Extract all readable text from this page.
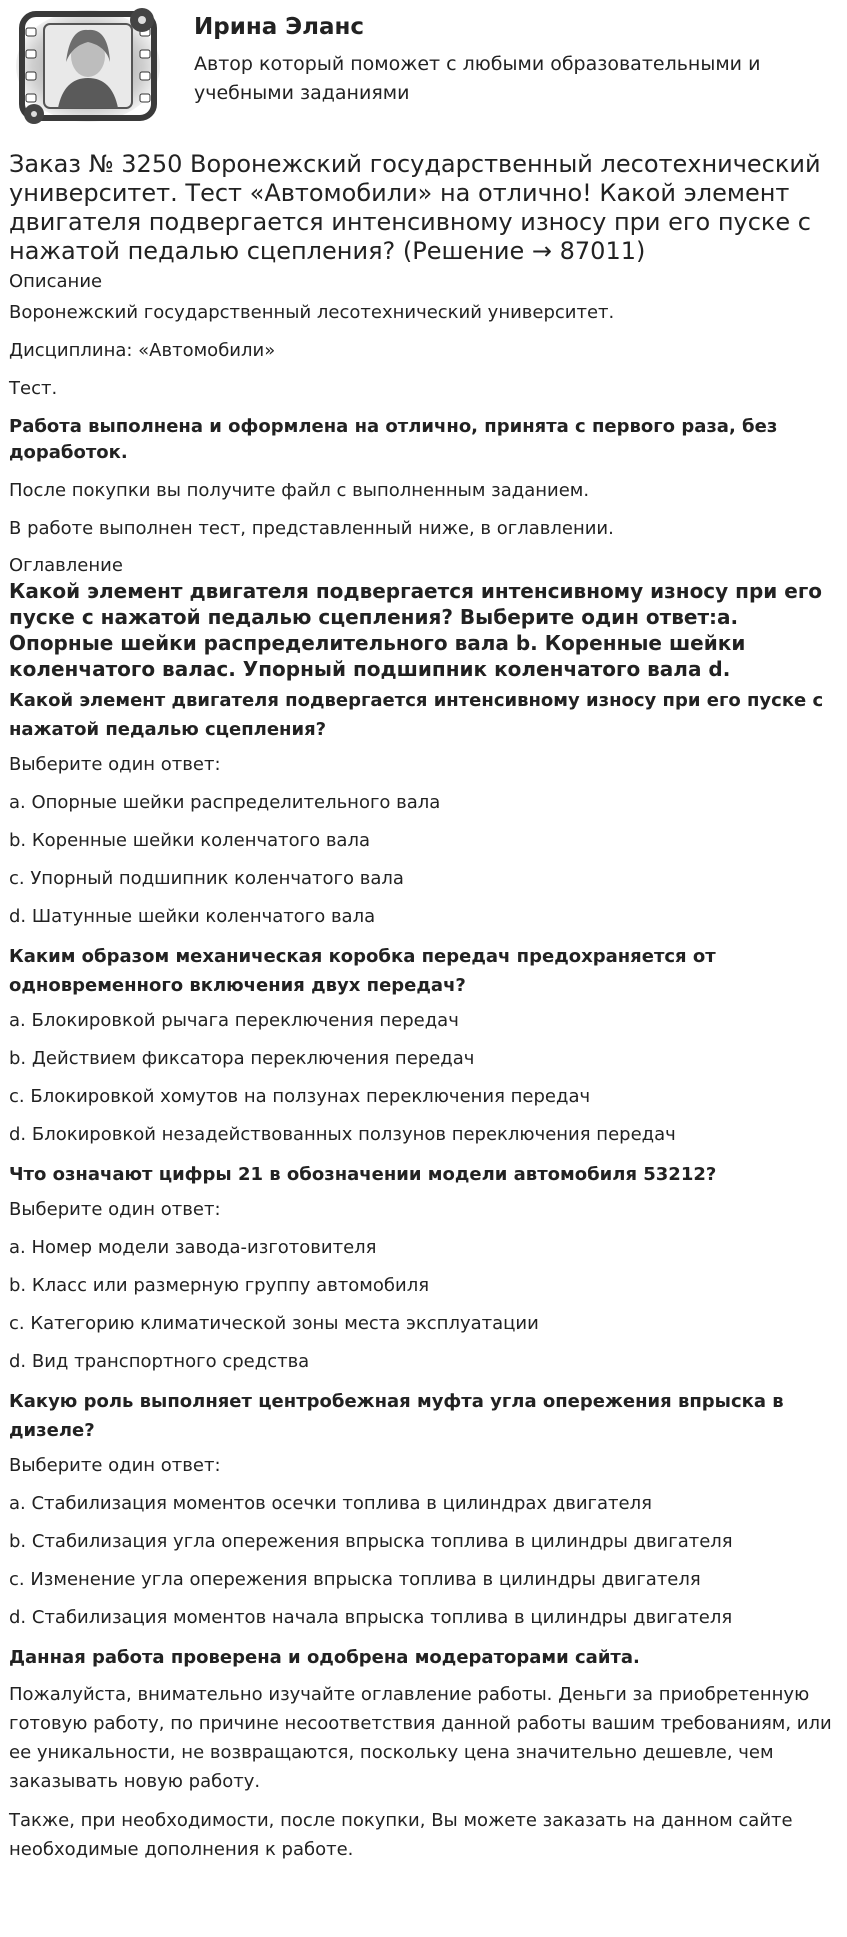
Ирина Эланс

Автор который поможет с любыми образовательными и учебными заданиями

Заказ № 3250 Воронежский государственный лесотехнический университет. Тест «Автомобили» на отлично! Какой элемент двигателя подвергается интенсивному износу при его пуске с нажатой педалью сцепления? (Решение → 87011)
Описание

Воронежский государственный лесотехнический университет.

Дисциплина: «Автомобили»

Тест.

Работа выполнена и оформлена на отлично, принята с первого раза, без доработок.

После покупки вы получите файл с выполненным заданием.

В работе выполнен тест, представленный ниже, в оглавлении.

Оглавление
Какой элемент двигателя подвергается интенсивному износу при его пуске с нажатой педалью сцепления? Выберите один ответ:a. Опорные шейки распределительного вала b. Коренные шейки коленчатого валас. Упорный подшипник коленчатого вала d.

Какой элемент двигателя подвергается интенсивному износу при его пуске с нажатой педалью сцепления?

Выберите один ответ:

a. Опорные шейки распределительного вала

b. Коренные шейки коленчатого вала

c. Упорный подшипник коленчатого вала

d. Шатунные шейки коленчатого вала

Каким образом механическая коробка передач предохраняется от одновременного включения двух передач?

a. Блокировкой рычага переключения передач

b. Действием фиксатора переключения передач

c. Блокировкой хомутов на ползунах переключения передач

d. Блокировкой незадействованных ползунов переключения передач

Что означают цифры 21 в обозначении модели автомобиля 53212?

Выберите один ответ:

a. Номер модели завода-изготовителя

b. Класс или размерную группу автомобиля

c. Категорию климатической зоны места эксплуатации

d. Вид транспортного средства

Какую роль выполняет центробежная муфта угла опережения впрыска в дизеле?

Выберите один ответ:

a. Стабилизация моментов осечки топлива в цилиндрах двигателя

b. Стабилизация угла опережения впрыска топлива в цилиндры двигателя

c. Изменение угла опережения впрыска топлива в цилиндры двигателя

d. Стабилизация моментов начала впрыска топлива в цилиндры двигателя

Данная работа проверена и одобрена модераторами сайта.

Пожалуйста, внимательно изучайте оглавление работы. Деньги за приобретенную готовую работу, по причине несоответствия данной работы вашим требованиям, или ее уникальности, не возвращаются, поскольку цена значительно дешевле, чем заказывать новую работу.

Также, при необходимости, после покупки, Вы можете заказать на данном сайте необходимые дополнения к работе.
